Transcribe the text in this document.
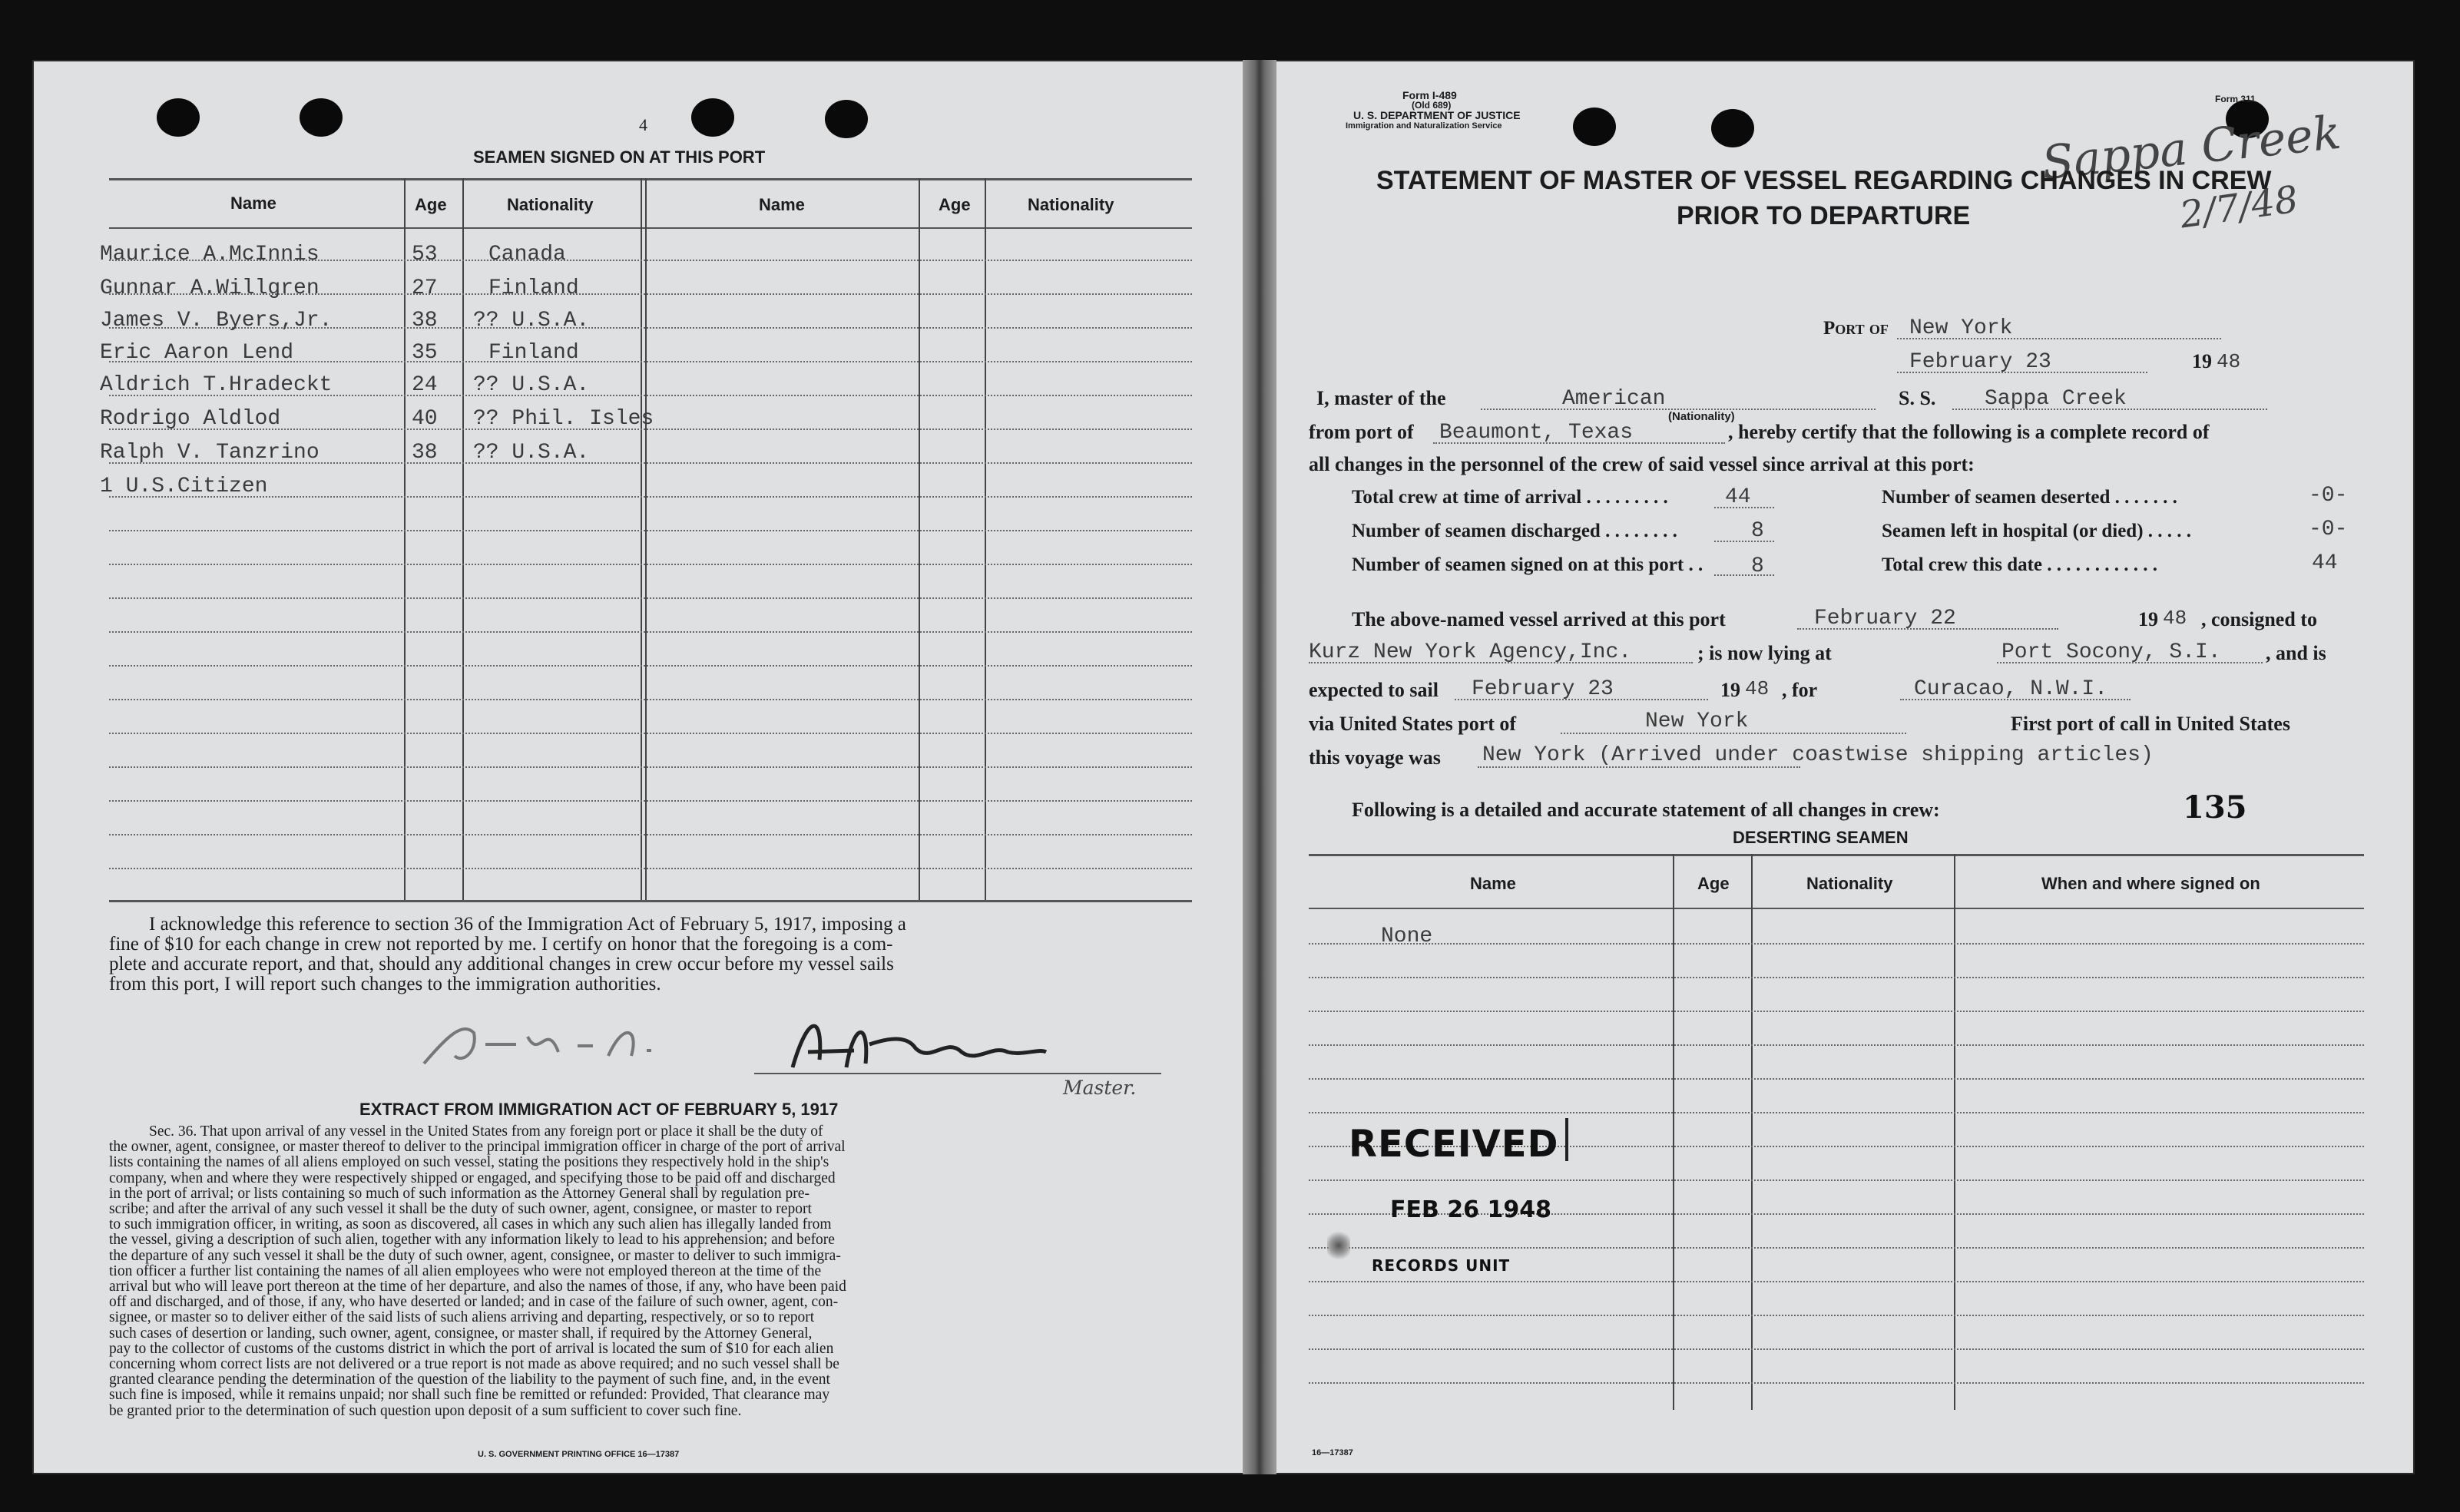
4
SEAMEN SIGNED ON AT THIS PORT
Name	Age	Nationality	Name	Age	Nationality
Maurice A.McInnis	53 Canada
Gunnar A.Willgren	27 Finland
James V. Byers,Jr.	38 ?? U.S.A.
Eric Aaron Lend	35 Finland
Aldrich T.Hradeckt	24 ?? U.S.A.
Rodrigo Aldlod	40 ?? Phil. Isles
Ralph V. Tanzrino	38 ?? U.S.A.
1 U.S.Citizen
I acknowledge this reference to section 36 of the Immigration Act of February 5, 1917, imposing a
fine of $10 for each change in crew not reported by me. I certify on honor that the foregoing is a com-
plete and accurate report, and that, should any additional changes in crew occur before my vessel sails
from this port, I will report such changes to the immigration authorities.
Master.
EXTRACT FROM IMMIGRATION ACT OF FEBRUARY 5, 1917
Sec. 36. That upon arrival of any vessel in the United States from any foreign port or place it shall be the duty of
the owner, agent, consignee, or master thereof to deliver to the principal immigration officer in charge of the port of arrival
lists containing the names of all aliens employed on such vessel, stating the positions they respectively hold in the ship's
company, when and where they were respectively shipped or engaged, and specifying those to be paid off and discharged
in the port of arrival; or lists containing so much of such information as the Attorney General shall by regulation pre-
scribe; and after the arrival of any such vessel it shall be the duty of such owner, agent, consignee, or master to report
to such immigration officer, in writing, as soon as discovered, all cases in which any such alien has illegally landed from
the vessel, giving a description of such alien, together with any information likely to lead to his apprehension; and before
the departure of any such vessel it shall be the duty of such owner, agent, consignee, or master to deliver to such immigra-
tion officer a further list containing the names of all alien employees who were not employed thereon at the time of the
arrival but who will leave port thereon at the time of her departure, and also the names of those, if any, who have been paid
off and discharged, and of those, if any, who have deserted or landed; and in case of the failure of such owner, agent, con-
signee, or master so to deliver either of the said lists of such aliens arriving and departing, respectively, or so to report
such cases of desertion or landing, such owner, agent, consignee, or master shall, if required by the Attorney General,
pay to the collector of customs of the customs district in which the port of arrival is located the sum of $10 for each alien
concerning whom correct lists are not delivered or a true report is not made as above required; and no such vessel shall be
granted clearance pending the determination of the question of the liability to the payment of such fine, and, in the event
such fine is imposed, while it remains unpaid; nor shall such fine be remitted or refunded: Provided, That clearance may
be granted prior to the determination of such question upon deposit of a sum sufficient to cover such fine.
U. S. GOVERNMENT PRINTING OFFICE 16—17387
Form I-489
(Old 689)
U. S. DEPARTMENT OF JUSTICE
Immigration and Naturalization Service
Form 311
Sappa Creek
2/7/48
STATEMENT OF MASTER OF VESSEL REGARDING CHANGES IN CREW
PRIOR TO DEPARTURE
Port of New York
February 23	19 48
I, master of the	American	S. S. Sappa Creek
(Nationality)
from port of Beaumont, Texas	, hereby certify that the following is a complete record of
all changes in the personnel of the crew of said vessel since arrival at this port:
Total crew at time of arrival . . . . . . . . .	44	Number of seamen deserted . . . . . . .	-0-
Number of seamen discharged . . . . . . . .	8	Seamen left in hospital (or died) . . . . .	-0-
Number of seamen signed on at this port . . 8	Total crew this date . . . . . . . . . . . .	44
The above-named vessel arrived at this port	February 22	19 48 , consigned to
Kurz New York Agency,Inc.	; is now lying at	Port Socony, S.I. , and is
expected to sail February 23	19 48 , for	Curacao, N.W.I.
via United States port of	New York	First port of call in United States
this voyage was New York (Arrived under coastwise shipping articles)
Following is a detailed and accurate statement of all changes in crew:	135
DESERTING SEAMEN
Name	Age	Nationality	When and where signed on
None
RECEIVED
FEB 26 1948
RECORDS UNIT
16—17387
